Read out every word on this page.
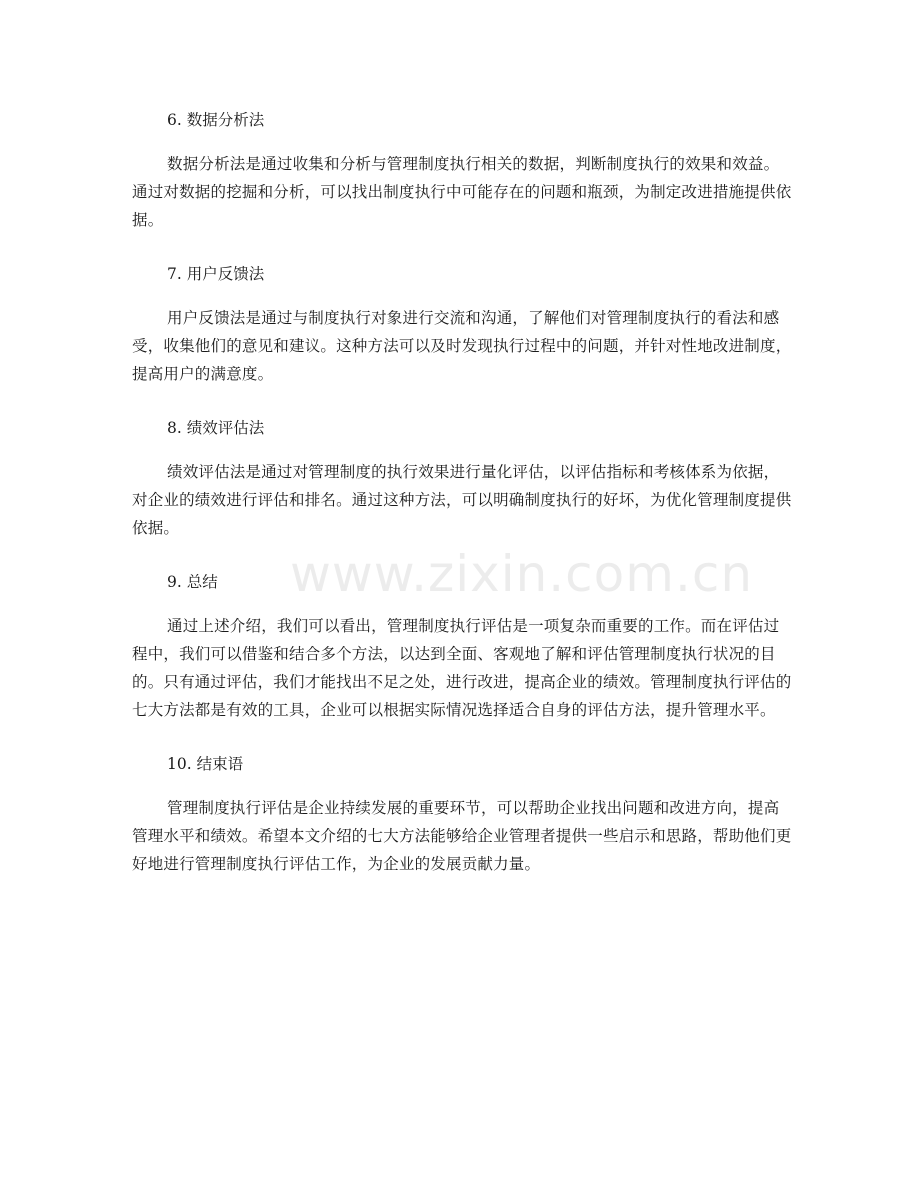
6. 数据分析法

数据分析法是通过收集和分析与管理制度执行相关的数据，判断制度执行的效果和效益。通过对数据的挖掘和分析，可以找出制度执行中可能存在的问题和瓶颈，为制定改进措施提供依据。

7. 用户反馈法

用户反馈法是通过与制度执行对象进行交流和沟通，了解他们对管理制度执行的看法和感受，收集他们的意见和建议。这种方法可以及时发现执行过程中的问题，并针对性地改进制度，提高用户的满意度。

8. 绩效评估法

绩效评估法是通过对管理制度的执行效果进行量化评估，以评估指标和考核体系为依据，对企业的绩效进行评估和排名。通过这种方法，可以明确制度执行的好坏，为优化管理制度提供依据。

9. 总结

通过上述介绍，我们可以看出，管理制度执行评估是一项复杂而重要的工作。而在评估过程中，我们可以借鉴和结合多个方法，以达到全面、客观地了解和评估管理制度执行状况的目的。只有通过评估，我们才能找出不足之处，进行改进，提高企业的绩效。管理制度执行评估的七大方法都是有效的工具，企业可以根据实际情况选择适合自身的评估方法，提升管理水平。

10. 结束语

管理制度执行评估是企业持续发展的重要环节，可以帮助企业找出问题和改进方向，提高管理水平和绩效。希望本文介绍的七大方法能够给企业管理者提供一些启示和思路，帮助他们更好地进行管理制度执行评估工作，为企业的发展贡献力量。

www.zixin.com.cn
